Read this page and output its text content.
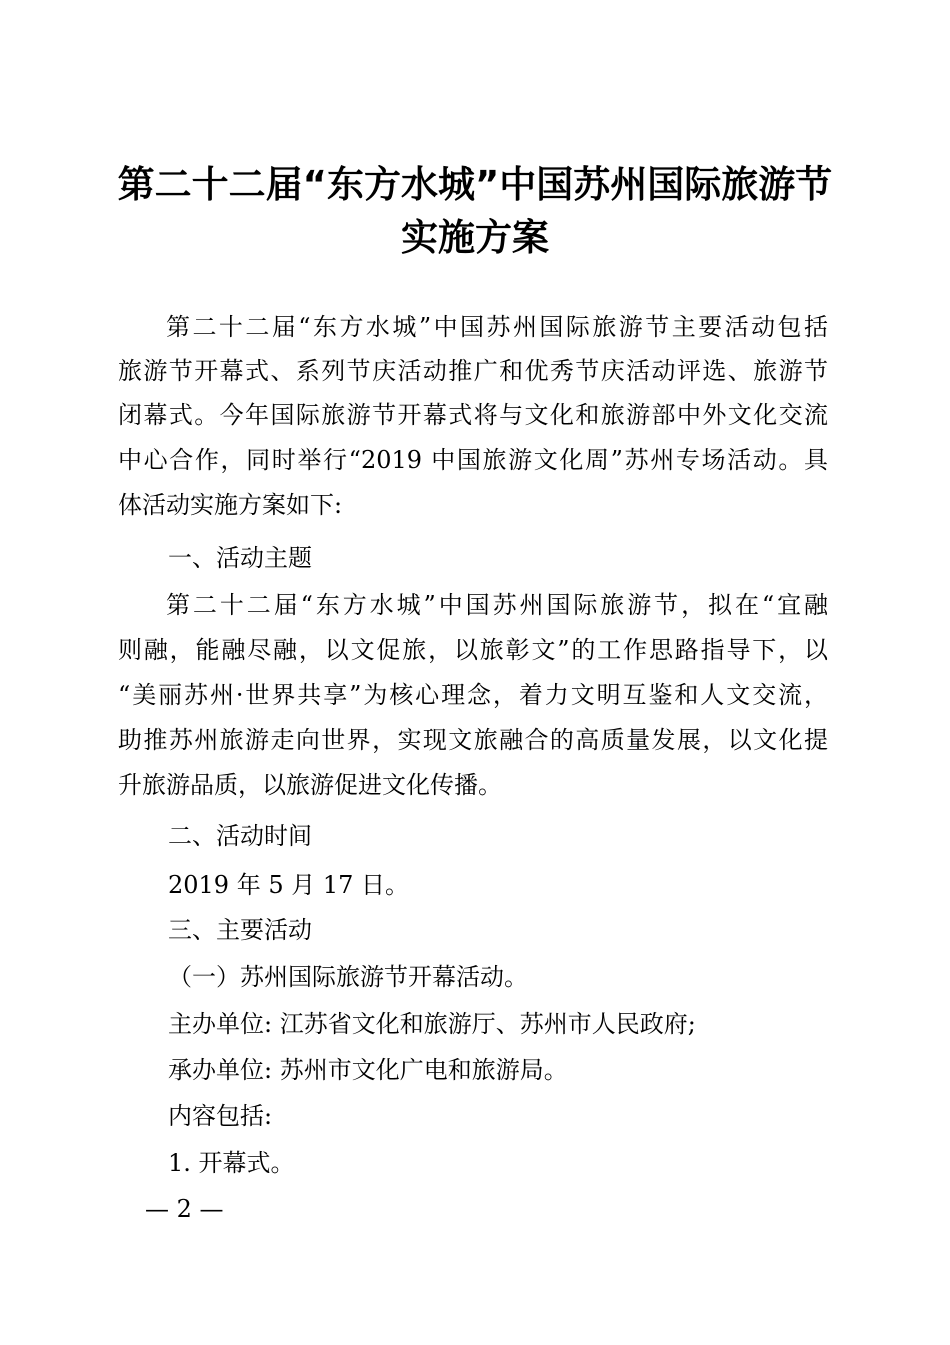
第二十二届“东方水城”中国苏州国际旅游节
实施方案
第二十二届“东方水城”中国苏州国际旅游节主要活动包括
旅游节开幕式、系列节庆活动推广和优秀节庆活动评选、旅游节
闭幕式。今年国际旅游节开幕式将与文化和旅游部中外文化交流
中心合作，同时举行“2019 中国旅游文化周”苏州专场活动。具
体活动实施方案如下:
一、活动主题
第二十二届“东方水城”中国苏州国际旅游节，拟在“宜融
则融，能融尽融，以文促旅，以旅彰文”的工作思路指导下，以
“美丽苏州·世界共享”为核心理念，着力文明互鉴和人文交流，
助推苏州旅游走向世界，实现文旅融合的高质量发展，以文化提
升旅游品质，以旅游促进文化传播。
二、活动时间
2019 年 5 月 17 日。
三、主要活动
（一）苏州国际旅游节开幕活动。
主办单位: 江苏省文化和旅游厅、苏州市人民政府;
承办单位: 苏州市文化广电和旅游局。
内容包括:
1. 开幕式。
— 2 —
